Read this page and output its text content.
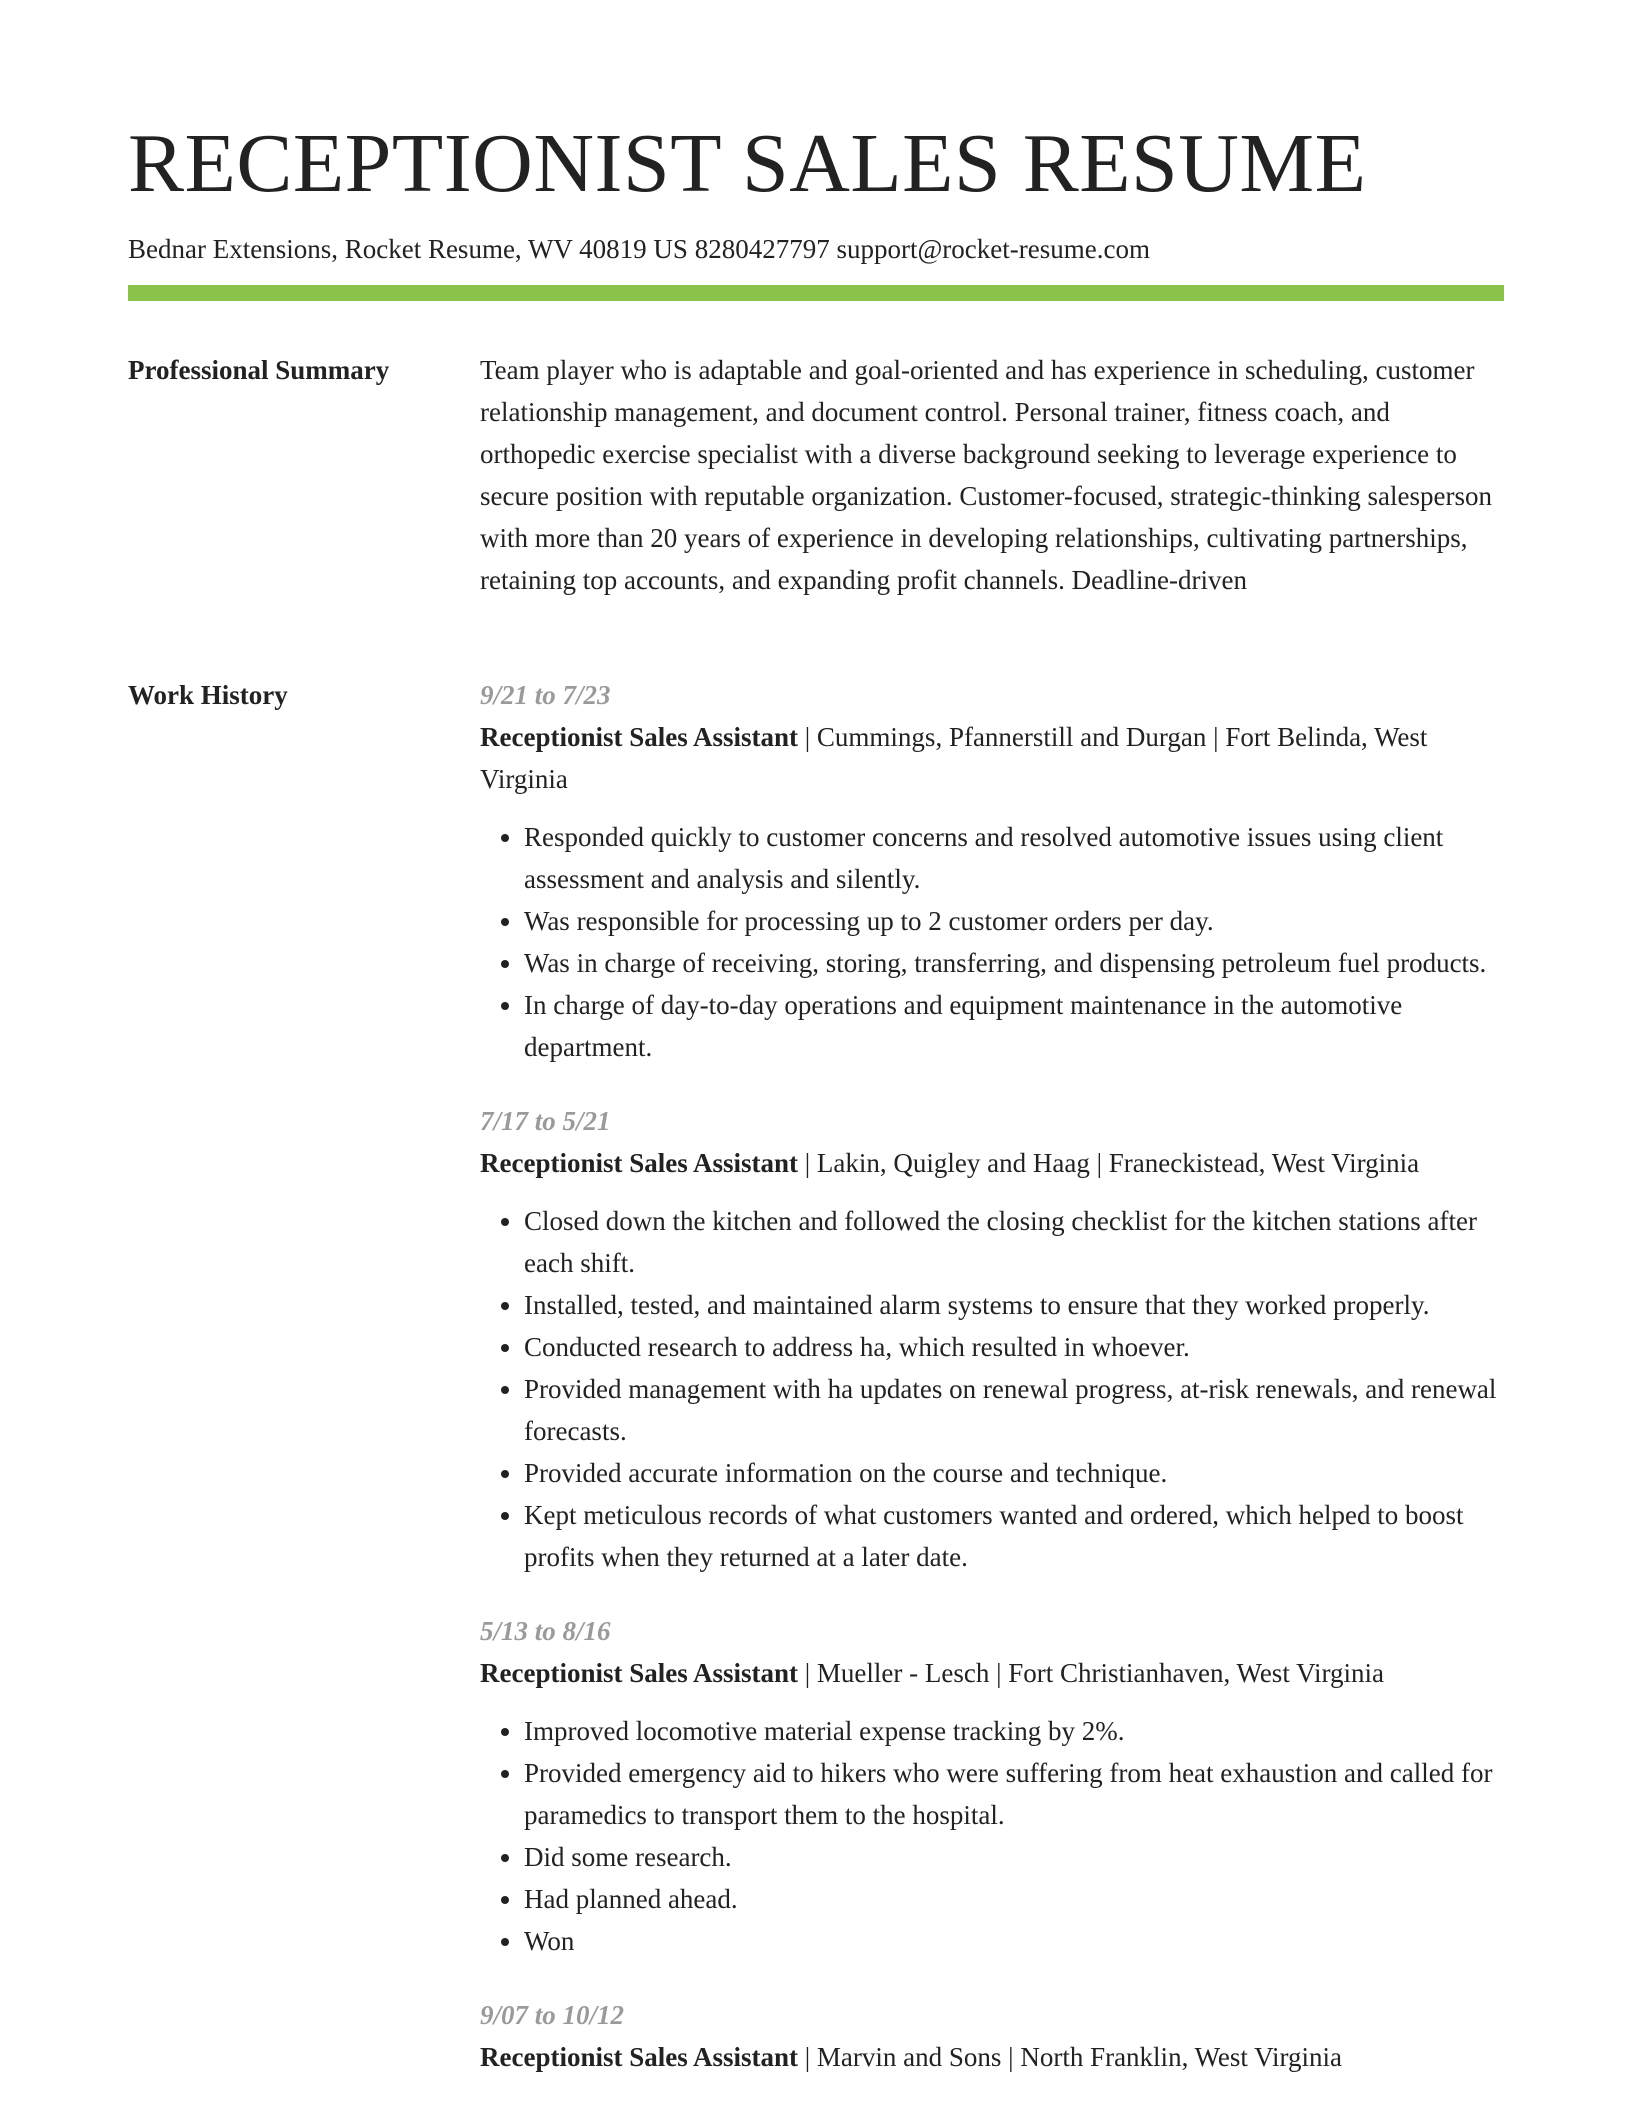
RECEPTIONIST SALES RESUME
Bednar Extensions, Rocket Resume, WV 40819 US 8280427797 support@rocket-resume.com
Professional Summary	Team player who is adaptable and goal-oriented and has experience in scheduling, customer relationship management, and document control. Personal trainer, fitness coach, and orthopedic exercise specialist with a diverse background seeking to leverage experience to secure position with reputable organization. Customer-focused, strategic-thinking salesperson with more than 20 years of experience in developing relationships, cultivating partnerships, retaining top accounts, and expanding profit channels. Deadline-driven

Work History	9/21 to 7/23
Receptionist Sales Assistant | Cummings, Pfannerstill and Durgan | Fort Belinda, West Virginia
• Responded quickly to customer concerns and resolved automotive issues using client assessment and analysis and silently.
• Was responsible for processing up to 2 customer orders per day.
• Was in charge of receiving, storing, transferring, and dispensing petroleum fuel products.
• In charge of day-to-day operations and equipment maintenance in the automotive department.
7/17 to 5/21
Receptionist Sales Assistant | Lakin, Quigley and Haag | Franeckistead, West Virginia
• Closed down the kitchen and followed the closing checklist for the kitchen stations after each shift.
• Installed, tested, and maintained alarm systems to ensure that they worked properly.
• Conducted research to address ha, which resulted in whoever.
• Provided management with ha updates on renewal progress, at-risk renewals, and renewal forecasts.
• Provided accurate information on the course and technique.
• Kept meticulous records of what customers wanted and ordered, which helped to boost profits when they returned at a later date.
5/13 to 8/16
Receptionist Sales Assistant | Mueller - Lesch | Fort Christianhaven, West Virginia
• Improved locomotive material expense tracking by 2%.
• Provided emergency aid to hikers who were suffering from heat exhaustion and called for paramedics to transport them to the hospital.
• Did some research.
• Had planned ahead.
• Won
9/07 to 10/12
Receptionist Sales Assistant | Marvin and Sons | North Franklin, West Virginia
